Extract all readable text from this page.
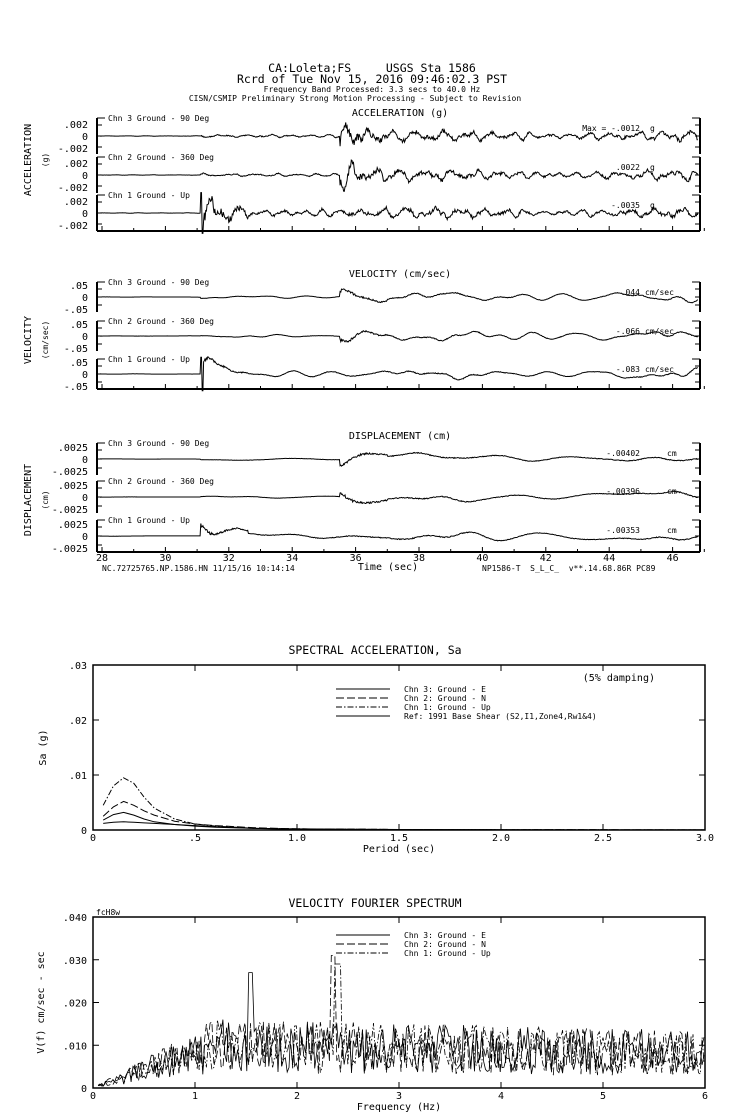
CA:Loleta;FS     USGS Sta 1586
Rcrd of Tue Nov 15, 2016 09:46:02.3 PST
Frequency Band Processed: 3.3 secs to 40.0 Hz
CISN/CSMIP Preliminary Strong Motion Processing - Subject to Revision
NC.72725765.NP.1586.HN 11/15/16 10:14:14	Time (sec)	NP1586-T  S_L_C_  v**.14.68.86R PC89
ACCELERATION (g)
ACCELERATION (g)
.002
0
-.002
Chn 3 Ground - 90 Deg
Max = -.0012 g
.002
0
-.002
Chn 2 Ground - 360 Deg
.0022 g
.002
0
-.002
Chn 1 Ground - Up
-.0035 g
VELOCITY (cm/sec)
VELOCITY (cm/sec)
.05
0
-.05
Chn 3 Ground - 90 Deg
-.044 cm/sec
.05
0
-.05
Chn 2 Ground - 360 Deg
-.066 cm/sec
.05
0
-.05
Chn 1 Ground - Up
-.083 cm/sec
DISPLACEMENT (cm)
DISPLACEMENT (cm)
.0025
0
-.0025
Chn 3 Ground - 90 Deg
-.00402	cm
.0025
0
-.0025
Chn 2 Ground - 360 Deg
-.00396	cm
.0025
0
-.0025
Chn 1 Ground - Up
-.00353	cm
28	30	32	34	36	38	40	42	44	46
SPECTRAL ACCELERATION, Sa
0	.5	1.0	1.5	2.0	2.5	3.0
0
.01
.02
.03
Period (sec)
Sa (g)
(5% damping)
Chn 3: Ground - E
Chn 2: Ground - N
Chn 1: Ground - Up
Ref: 1991 Base Shear (S2,I1,Zone4,Rw1&4)
VELOCITY FOURIER SPECTRUM
0	1	2	3	4	5	6
0
.010
.020
.030
.040
Frequency (Hz)
V(f) cm/sec - sec
fcH8w
Chn 3: Ground - E
Chn 2: Ground - N
Chn 1: Ground - Up
